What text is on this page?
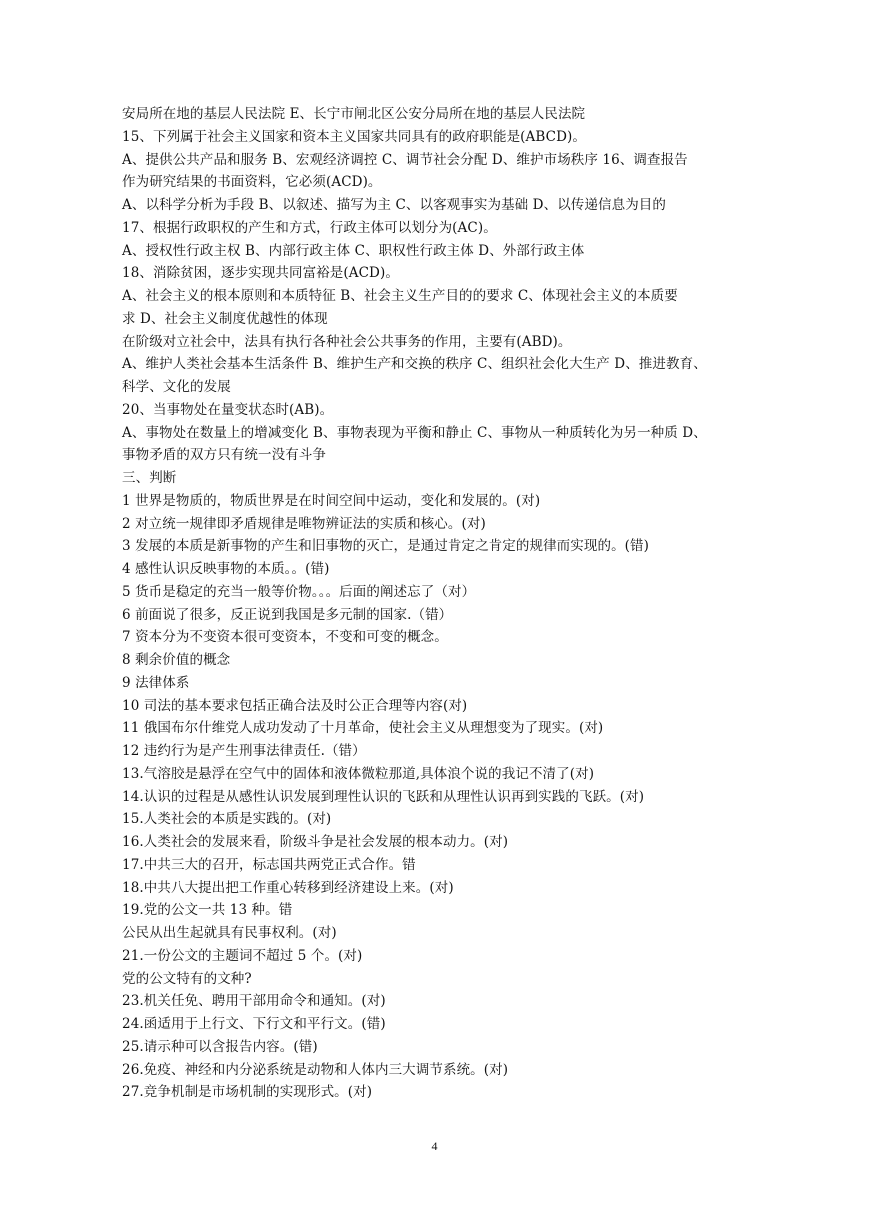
安局所在地的基层人民法院 E、长宁市闸北区公安分局所在地的基层人民法院
15、下列属于社会主义国家和资本主义国家共同具有的政府职能是(ABCD)。
A、提供公共产品和服务 B、宏观经济调控 C、调节社会分配 D、维护市场秩序 16、调查报告
作为研究结果的书面资料，它必须(ACD)。
A、以科学分析为手段 B、以叙述、描写为主 C、以客观事实为基础 D、以传递信息为目的
17、根据行政职权的产生和方式，行政主体可以划分为(AC)。
A、授权性行政主权 B、内部行政主体 C、职权性行政主体 D、外部行政主体
18、消除贫困，逐步实现共同富裕是(ACD)。
A、社会主义的根本原则和本质特征 B、社会主义生产目的的要求 C、体现社会主义的本质要
求 D、社会主义制度优越性的体现
在阶级对立社会中，法具有执行各种社会公共事务的作用，主要有(ABD)。
A、维护人类社会基本生活条件 B、维护生产和交换的秩序 C、组织社会化大生产 D、推进教育、
科学、文化的发展
20、当事物处在量变状态时(AB)。
A、事物处在数量上的增减变化 B、事物表现为平衡和静止 C、事物从一种质转化为另一种质 D、
事物矛盾的双方只有统一没有斗争
三、判断
1 世界是物质的，物质世界是在时间空间中运动，变化和发展的。(对)
2 对立统一规律即矛盾规律是唯物辨证法的实质和核心。(对)
3 发展的本质是新事物的产生和旧事物的灭亡，是通过肯定之肯定的规律而实现的。(错)
4 感性认识反映事物的本质。。(错)
5 货币是稳定的充当一般等价物。。。后面的阐述忘了（对）
6 前面说了很多，反正说到我国是多元制的国家.（错）
7 资本分为不变资本很可变资本，不变和可变的概念。
8 剩余价值的概念
9 法律体系
10 司法的基本要求包括正确合法及时公正合理等内容(对)
11 俄国布尔什维党人成功发动了十月革命，使社会主义从理想变为了现实。(对)
12 违约行为是产生刑事法律责任.（错）
13.气溶胶是悬浮在空气中的固体和液体微粒那道,具体浪个说的我记不清了(对)
14.认识的过程是从感性认识发展到理性认识的飞跃和从理性认识再到实践的飞跃。(对)
15.人类社会的本质是实践的。(对)
16.人类社会的发展来看，阶级斗争是社会发展的根本动力。(对)
17.中共三大的召开，标志国共两党正式合作。错
18.中共八大提出把工作重心转移到经济建设上来。(对)
19.党的公文一共 13 种。错
公民从出生起就具有民事权利。(对)
21.一份公文的主题词不超过 5 个。(对)
党的公文特有的文种?
23.机关任免、聘用干部用命令和通知。(对)
24.函适用于上行文、下行文和平行文。(错)
25.请示种可以含报告内容。(错)
26.免疫、神经和内分泌系统是动物和人体内三大调节系统。(对)
27.竞争机制是市场机制的实现形式。(对)
4
